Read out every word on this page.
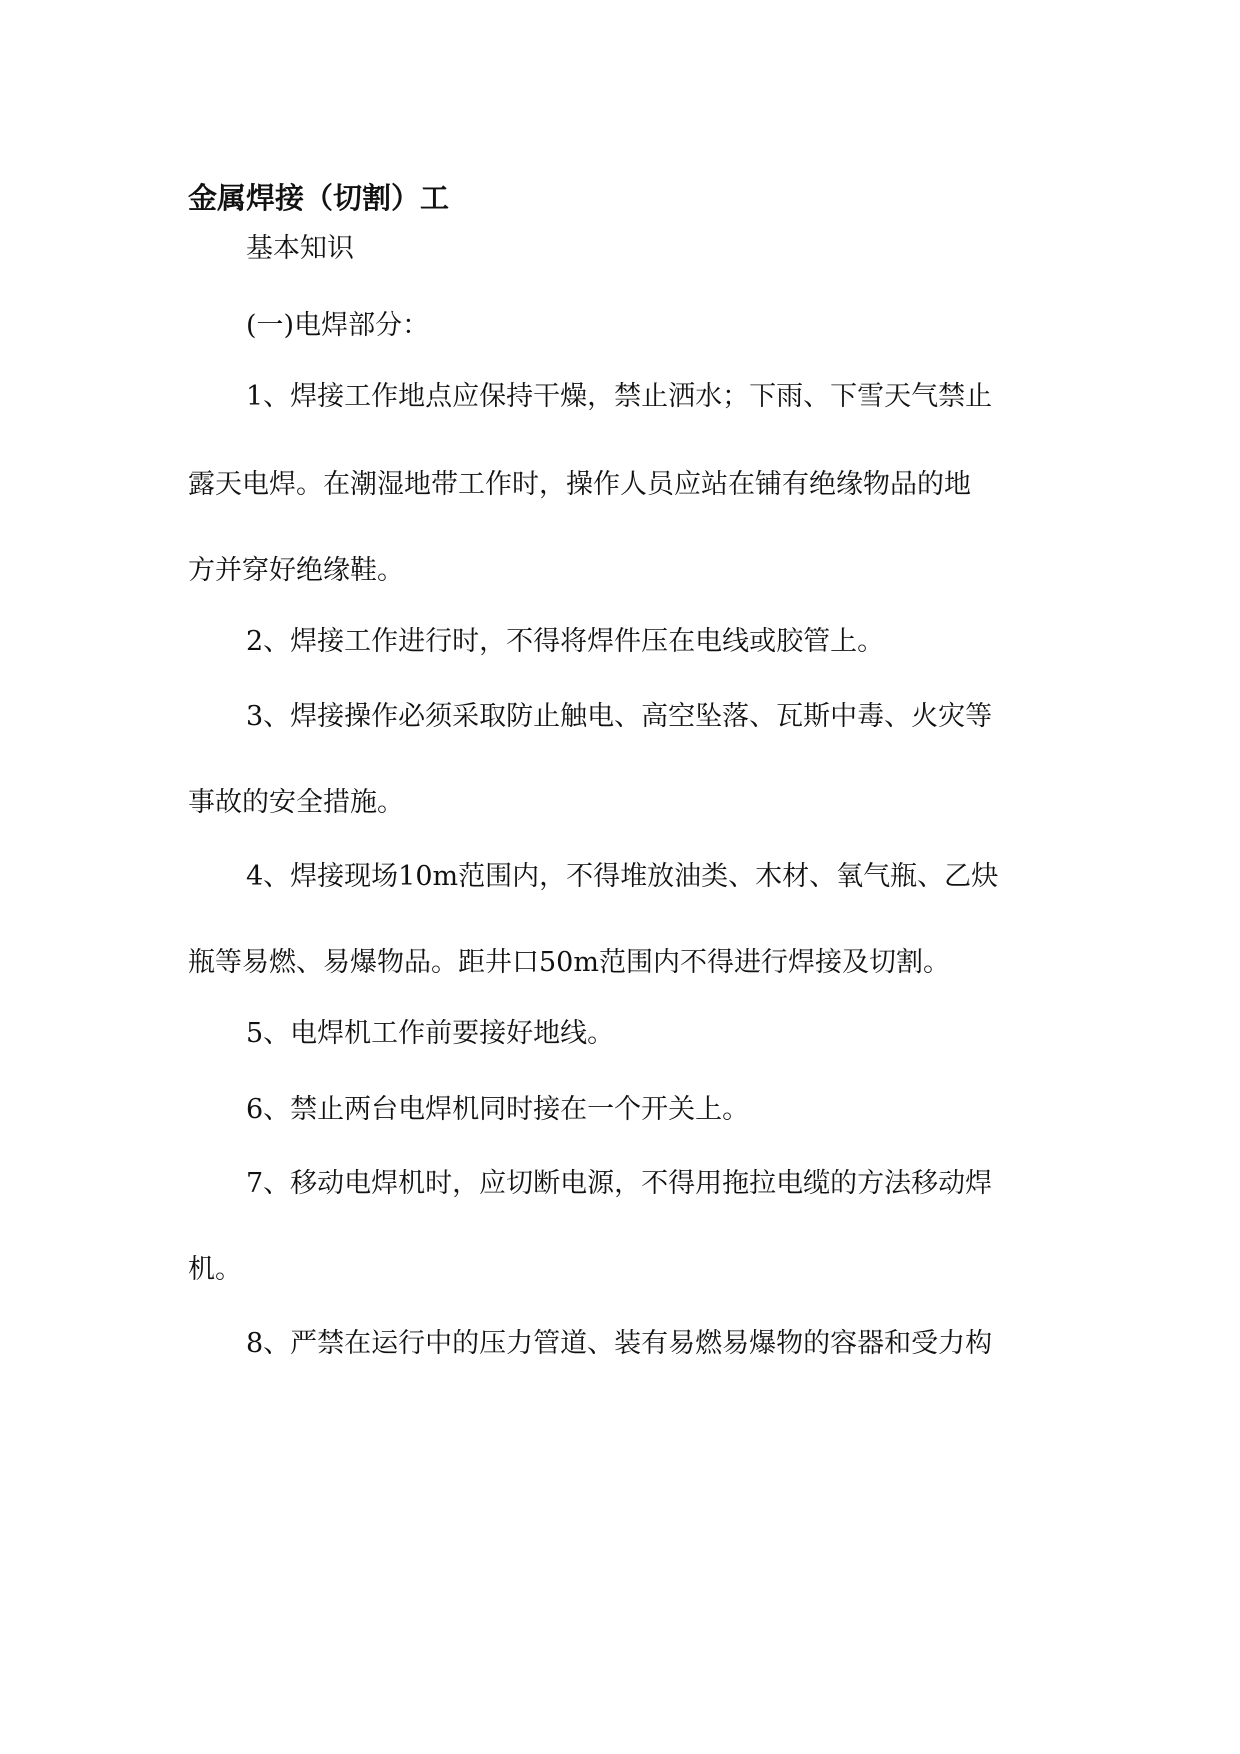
金属焊接（切割）工
基本知识
(一)电焊部分：
1、焊接工作地点应保持干燥，禁止洒水；下雨、下雪天气禁止
露天电焊。在潮湿地带工作时，操作人员应站在铺有绝缘物品的地
方并穿好绝缘鞋。
2、焊接工作进行时，不得将焊件压在电线或胶管上。
3、焊接操作必须采取防止触电、高空坠落、瓦斯中毒、火灾等
事故的安全措施。
4、焊接现场10m范围内，不得堆放油类、木材、氧气瓶、乙炔
瓶等易燃、易爆物品。距井口50m范围内不得进行焊接及切割。
5、电焊机工作前要接好地线。
6、禁止两台电焊机同时接在一个开关上。
7、移动电焊机时，应切断电源，不得用拖拉电缆的方法移动焊
机。
8、严禁在运行中的压力管道、装有易燃易爆物的容器和受力构
